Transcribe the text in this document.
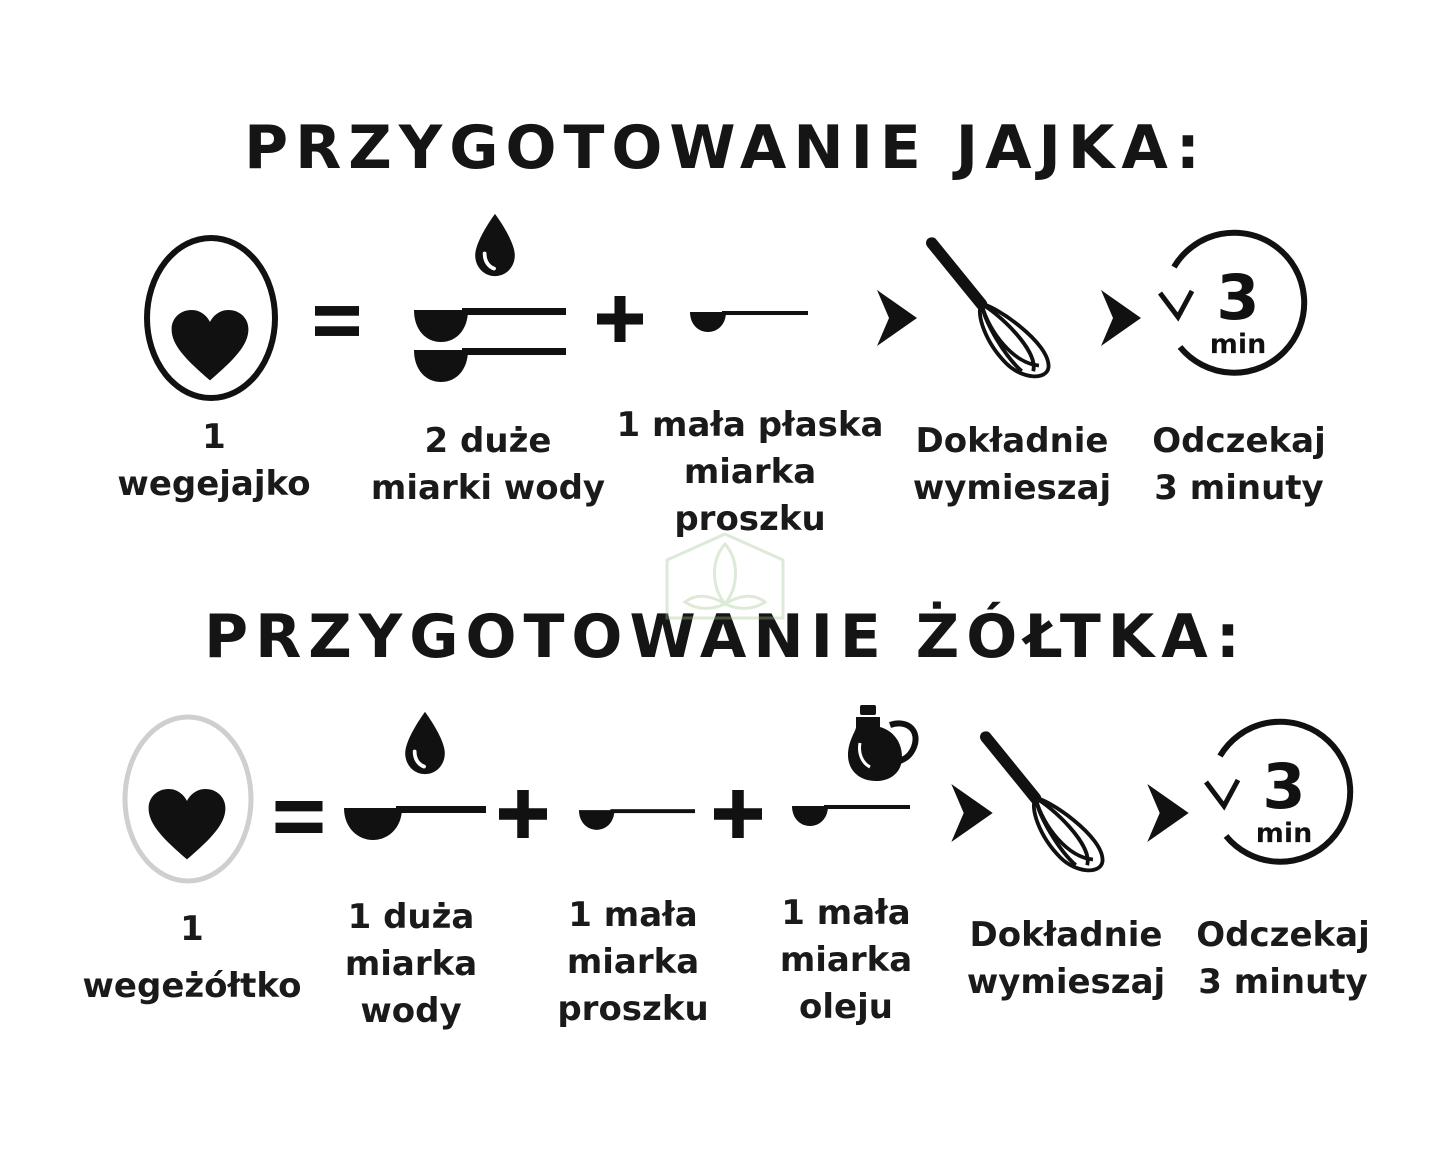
PRZYGOTOWANIE JAJKA:
PRZYGOTOWANIE ŻÓŁTKA:
3
min
1
wegejajko
2 duże
miarki wody
1 mała płaska
miarka
proszku
Dokładnie
wymieszaj
Odczekaj
3 minuty
3
min
1
wegeżółtko
1 duża
miarka
wody
1 mała
miarka
proszku
1 mała
miarka
oleju
Dokładnie
wymieszaj
Odczekaj
3 minuty
